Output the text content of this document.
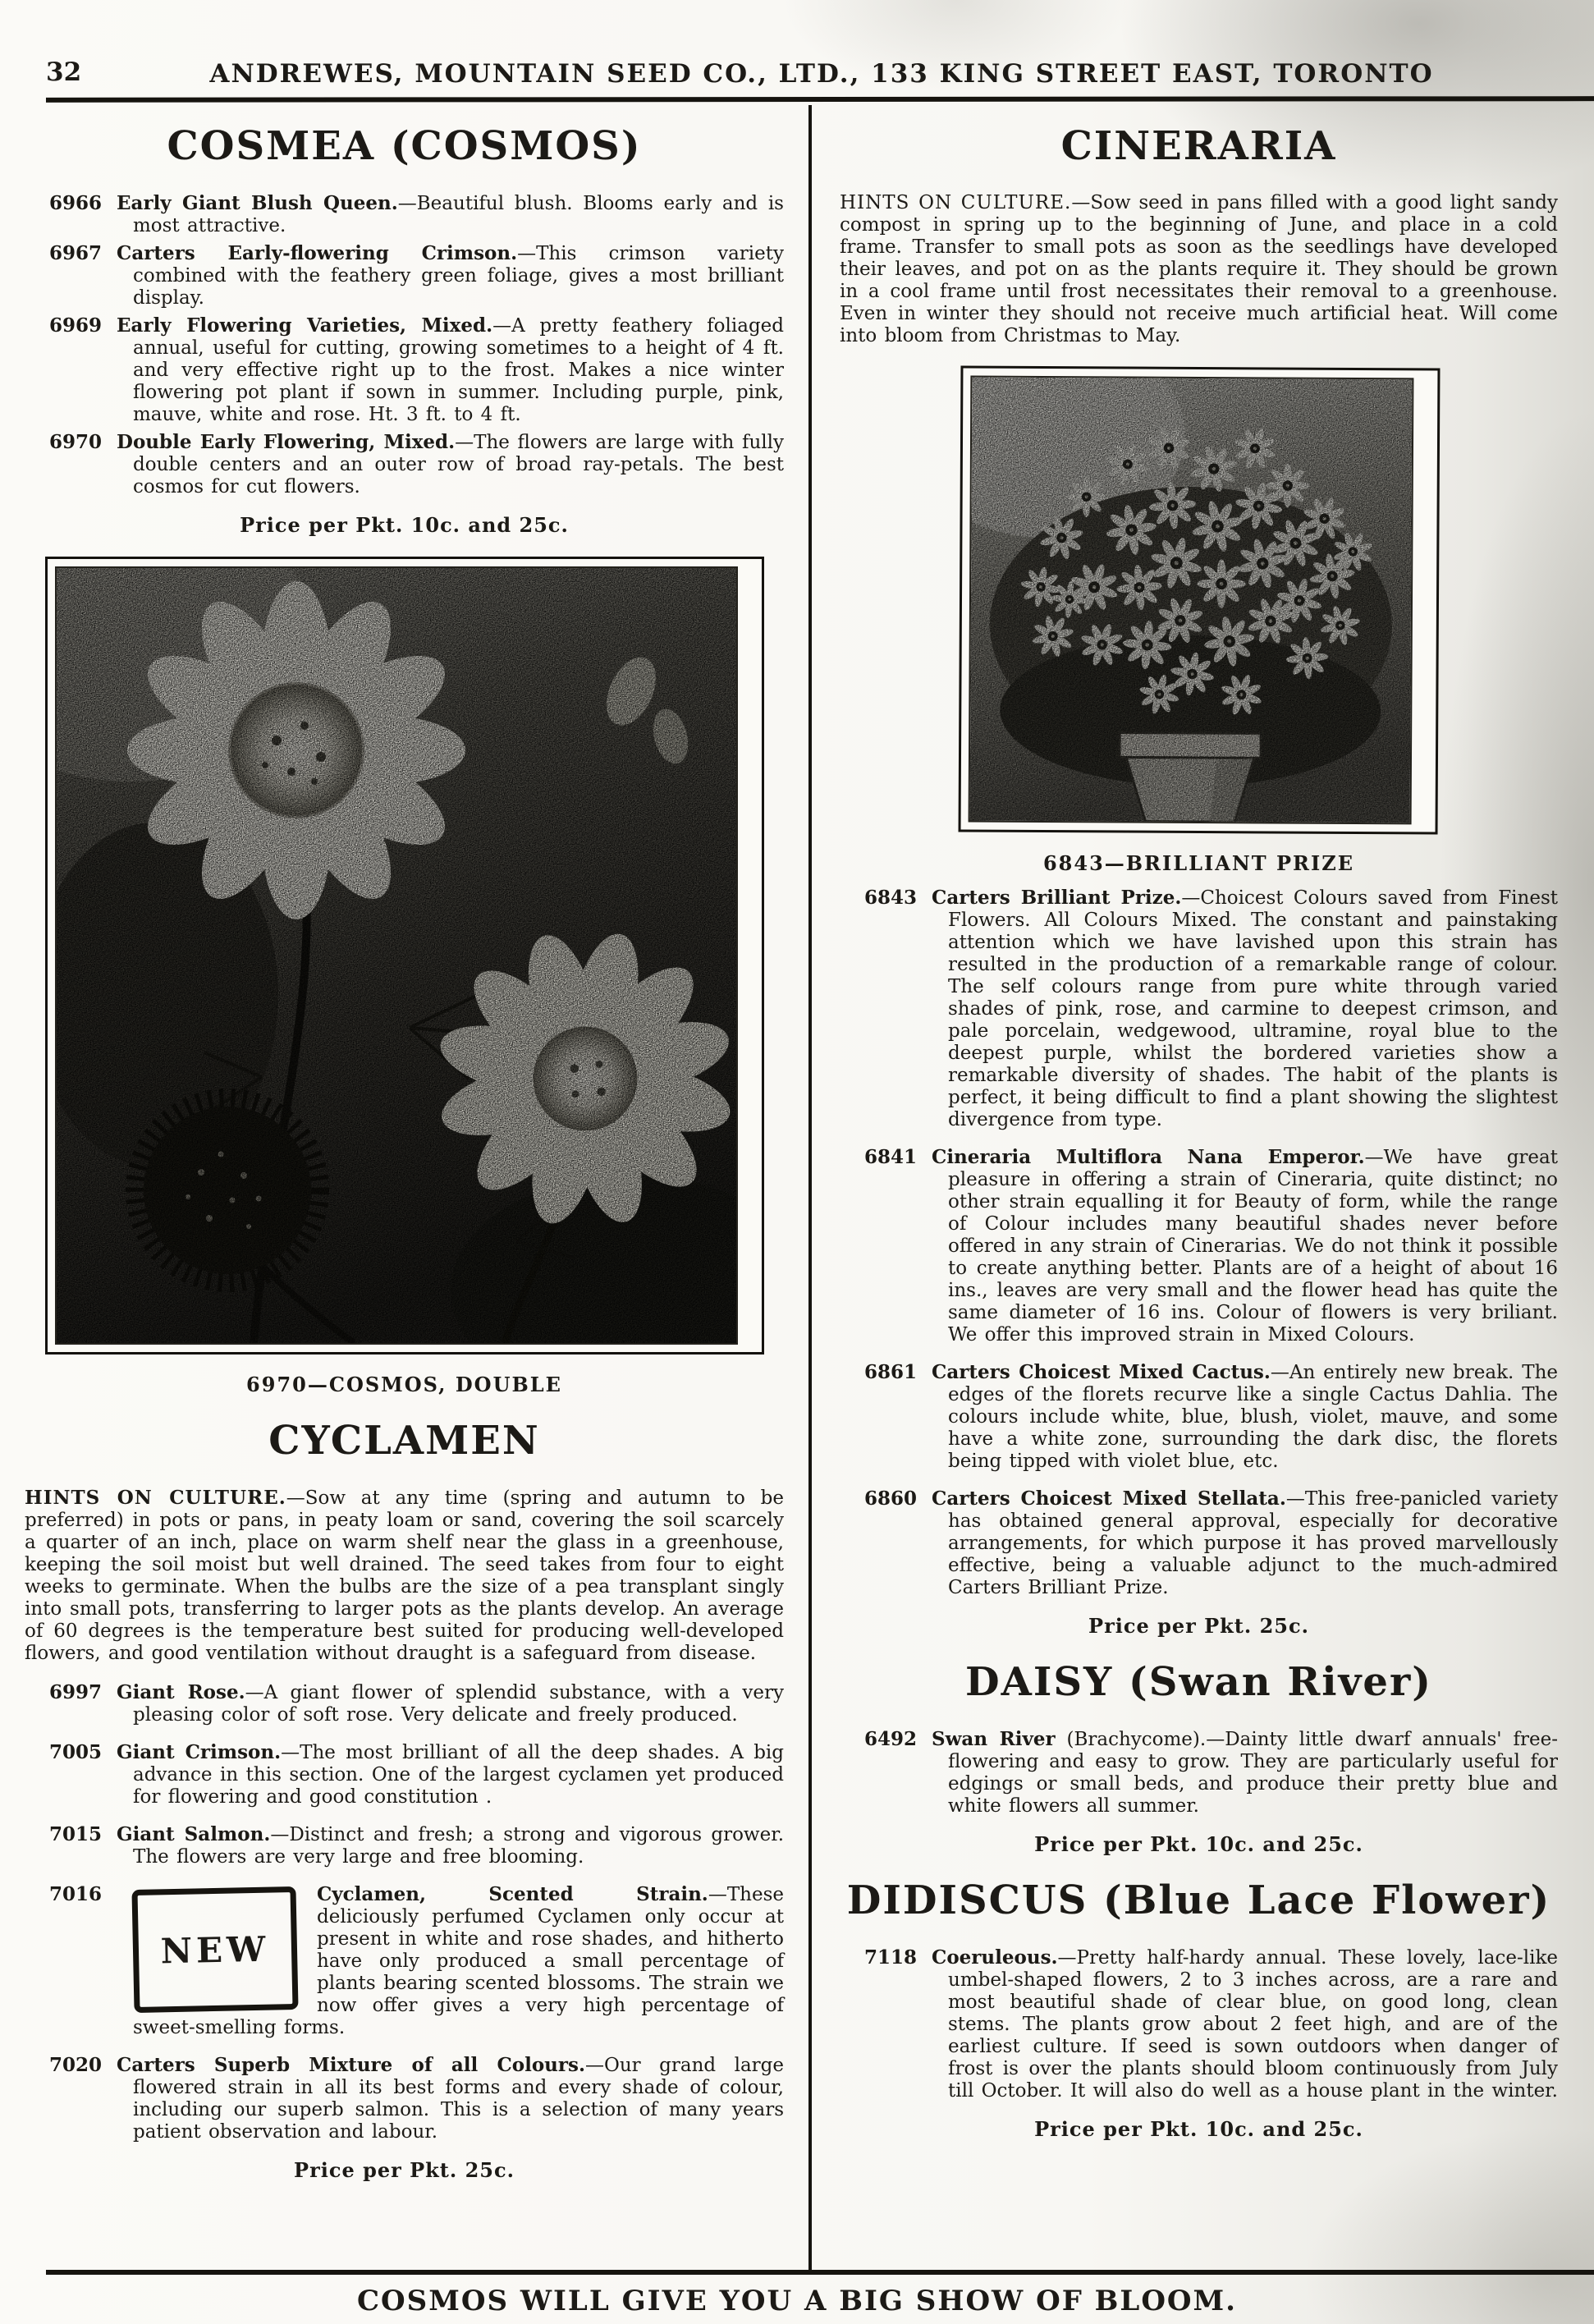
32	ANDREWES, MOUNTAIN SEED CO., LTD., 133 KING STREET EAST, TORONTO
COSMEA (COSMOS)

6966 Early Giant Blush Queen.—Beautiful blush. Blooms early and is most attractive.

6967 Carters Early-flowering Crimson.—This crimson variety combined with the feathery green foliage, gives a most brilliant display.

6969 Early Flowering Varieties, Mixed.—A pretty feathery foliaged annual, useful for cutting, growing sometimes to a height of 4 ft. and very effective right up to the frost. Makes a nice winter flowering pot plant if sown in summer. Including purple, pink, mauve, white and rose. Ht. 3 ft. to 4 ft.

6970 Double Early Flowering, Mixed.—The flowers are large with fully double centers and an outer row of broad ray-petals. The best cosmos for cut flowers.

Price per Pkt. 10c. and 25c.

6970—COSMOS, DOUBLE

CYCLAMEN

HINTS ON CULTURE.—Sow at any time (spring and autumn to be preferred) in pots or pans, in peaty loam or sand, covering the soil scarcely a quarter of an inch, place on warm shelf near the glass in a greenhouse, keeping the soil moist but well drained. The seed takes from four to eight weeks to germinate. When the bulbs are the size of a pea transplant singly into small pots, transferring to larger pots as the plants develop. An average of 60 degrees is the temperature best suited for producing well-developed flowers, and good ventilation without draught is a safeguard from disease.

6997 Giant Rose.—A giant flower of splendid substance, with a very pleasing color of soft rose. Very delicate and freely produced.

7005 Giant Crimson.—The most brilliant of all the deep shades. A big advance in this section. One of the largest cyclamen yet produced for flowering and good constitution .

7015 Giant Salmon.—Distinct and fresh; a strong and vigorous grower. The flowers are very large and free blooming.

7016
NEW
Cyclamen, Scented Strain.—These deliciously perfumed Cyclamen only occur at present in white and rose shades, and hitherto have only produced a small percentage of plants bearing scented blossoms. The strain we now offer gives a very high percentage of sweet-smelling forms.

7020 Carters Superb Mixture of all Colours.—Our grand large flowered strain in all its best forms and every shade of colour, including our superb salmon. This is a selection of many years patient observation and labour.

Price per Pkt. 25c.

CINERARIA

HINTS ON CULTURE.—Sow seed in pans filled with a good light sandy compost in spring up to the beginning of June, and place in a cold frame. Transfer to small pots as soon as the seedlings have developed their leaves, and pot on as the plants require it. They should be grown in a cool frame until frost necessitates their removal to a greenhouse. Even in winter they should not receive much artificial heat. Will come into bloom from Christmas to May.

6843—BRILLIANT PRIZE

6843 Carters Brilliant Prize.—Choicest Colours saved from Finest Flowers. All Colours Mixed. The constant and painstaking attention which we have lavished upon this strain has resulted in the production of a remarkable range of colour. The self colours range from pure white through varied shades of pink, rose, and carmine to deepest crimson, and pale porcelain, wedgewood, ultramine, royal blue to the deepest purple, whilst the bordered varieties show a remarkable diversity of shades. The habit of the plants is perfect, it being difficult to find a plant showing the slightest divergence from type.

6841 Cineraria Multiflora Nana Emperor.—We have great pleasure in offering a strain of Cineraria, quite distinct; no other strain equalling it for Beauty of form, while the range of Colour includes many beautiful shades never before offered in any strain of Cinerarias. We do not think it possible to create anything better. Plants are of a height of about 16 ins., leaves are very small and the flower head has quite the same diameter of 16 ins. Colour of flowers is very briliant. We offer this improved strain in Mixed Colours.

6861 Carters Choicest Mixed Cactus.—An entirely new break. The edges of the florets recurve like a single Cactus Dahlia. The colours include white, blue, blush, violet, mauve, and some have a white zone, surrounding the dark disc, the florets being tipped with violet blue, etc.

6860 Carters Choicest Mixed Stellata.—This free-panicled variety has obtained general approval, especially for decorative arrangements, for which purpose it has proved marvellously effective, being a valuable adjunct to the much-admired Carters Brilliant Prize.

Price per Pkt. 25c.

DAISY (Swan River)

6492 Swan River (Brachycome).—Dainty little dwarf annuals' free-flowering and easy to grow. They are particularly useful for edgings or small beds, and produce their pretty blue and white flowers all summer.

Price per Pkt. 10c. and 25c.

DIDISCUS (Blue Lace Flower)

7118 Coeruleous.—Pretty half-hardy annual. These lovely, lace-like umbel-shaped flowers, 2 to 3 inches across, are a rare and most beautiful shade of clear blue, on good long, clean stems. The plants grow about 2 feet high, and are of the earliest culture. If seed is sown outdoors when danger of frost is over the plants should bloom continuously from July till October. It will also do well as a house plant in the winter.

Price per Pkt. 10c. and 25c.

COSMOS WILL GIVE YOU A BIG SHOW OF BLOOM.
